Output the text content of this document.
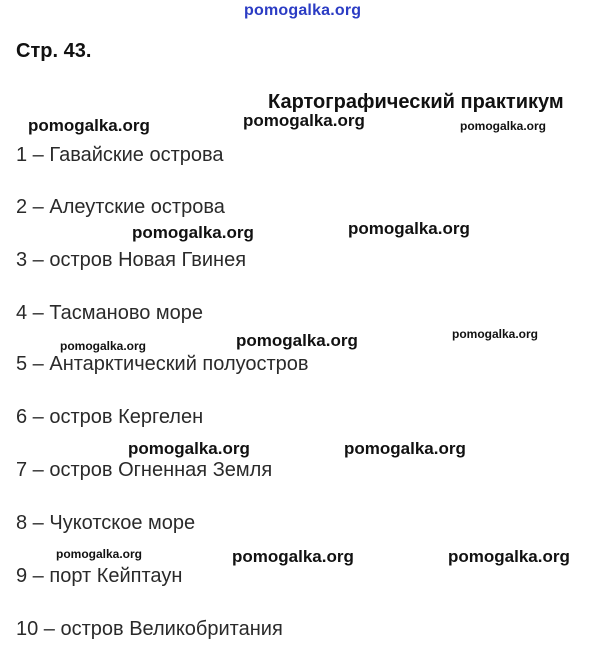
pomogalka.org
Стр. 43.
Картографический практикум
1 – Гавайские острова
2 – Алеутские острова
3 – остров Новая Гвинея
4 – Тасманово море
5 – Антарктический полуостров
6 – остров Кергелен
7 – остров Огненная Земля
8 – Чукотское море
9 – порт Кейптаун
10 – остров Великобритания
pomogalka.org	pomogalka.org	pomogalka.org
pomogalka.org	pomogalka.org
pomogalka.org	pomogalka.org	pomogalka.org
pomogalka.org	pomogalka.org
pomogalka.org	pomogalka.org	pomogalka.org
